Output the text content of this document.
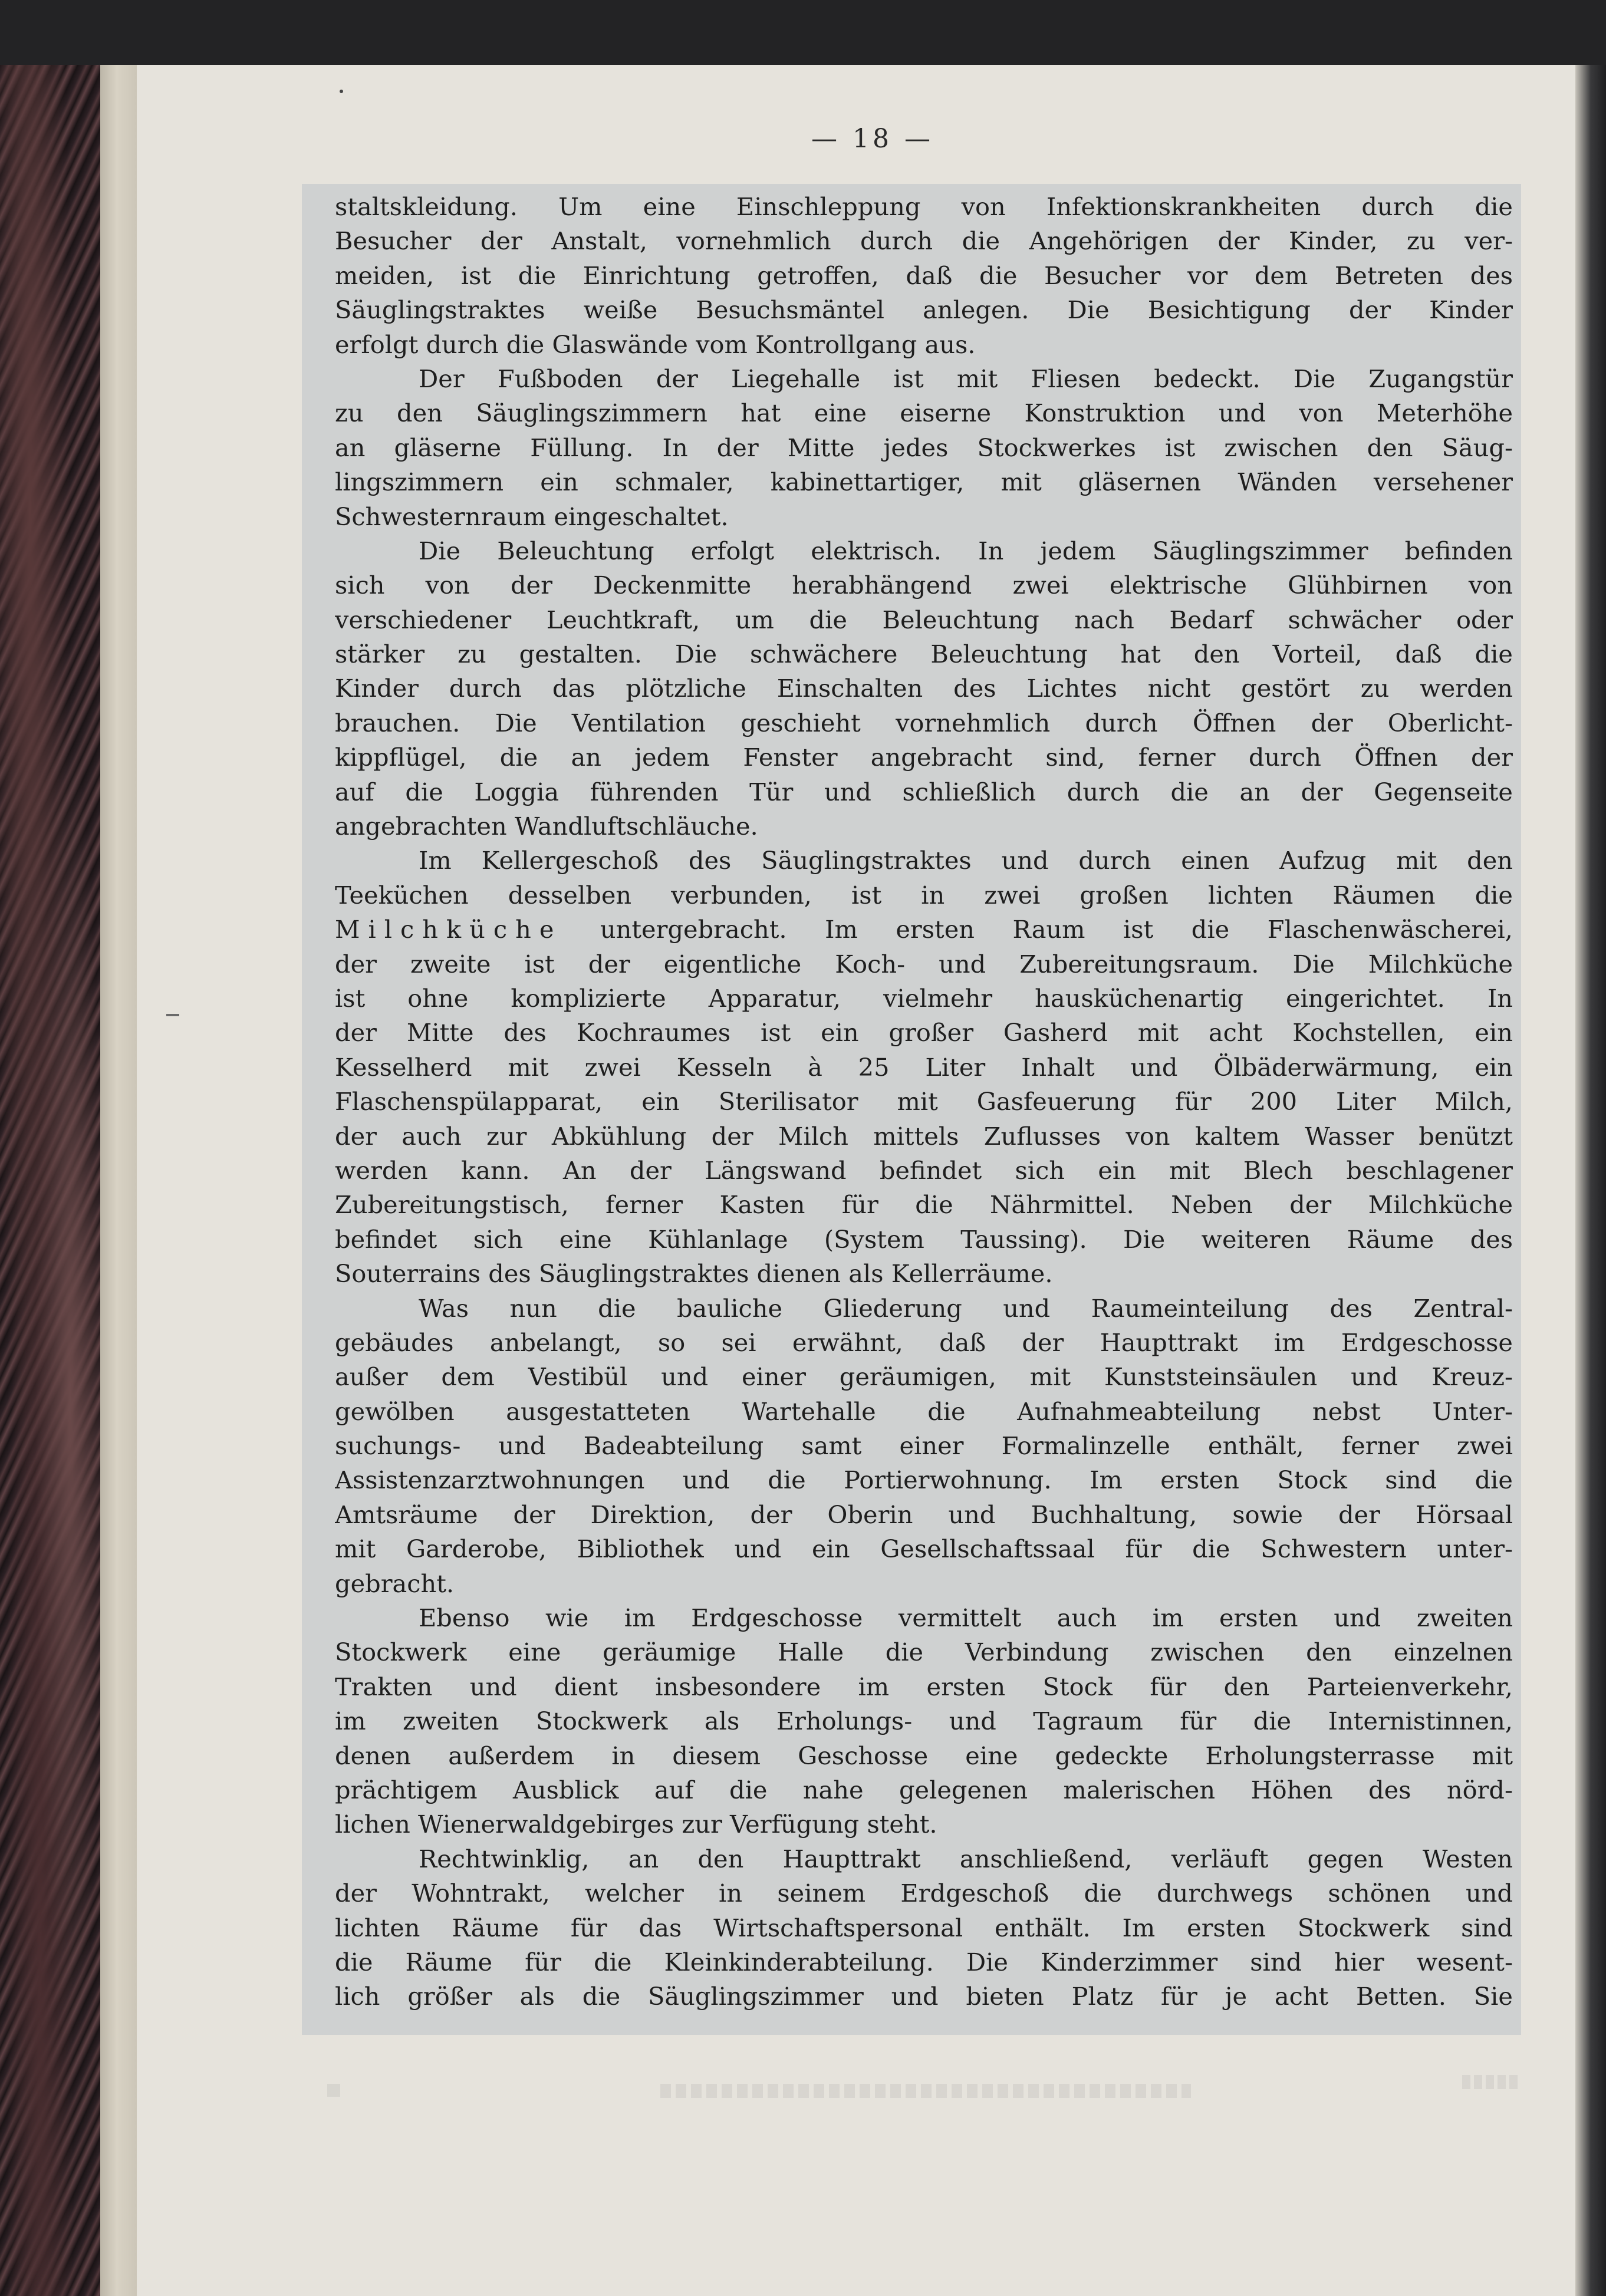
— 18 —
staltskleidung. Um eine Einschleppung von Infektionskrankheiten durch die
Besucher der Anstalt, vornehmlich durch die Angehörigen der Kinder, zu ver-
meiden, ist die Einrichtung getroffen, daß die Besucher vor dem Betreten des
Säuglingstraktes weiße Besuchsmäntel anlegen. Die Besichtigung der Kinder
erfolgt durch die Glaswände vom Kontrollgang aus.
Der Fußboden der Liegehalle ist mit Fliesen bedeckt. Die Zugangstür
zu den Säuglingszimmern hat eine eiserne Konstruktion und von Meterhöhe
an gläserne Füllung. In der Mitte jedes Stockwerkes ist zwischen den Säug-
lingszimmern ein schmaler, kabinettartiger, mit gläsernen Wänden versehener
Schwesternraum eingeschaltet.
Die Beleuchtung erfolgt elektrisch. In jedem Säuglingszimmer befinden
sich von der Deckenmitte herabhängend zwei elektrische Glühbirnen von
verschiedener Leuchtkraft, um die Beleuchtung nach Bedarf schwächer oder
stärker zu gestalten. Die schwächere Beleuchtung hat den Vorteil, daß die
Kinder durch das plötzliche Einschalten des Lichtes nicht gestört zu werden
brauchen. Die Ventilation geschieht vornehmlich durch Öffnen der Oberlicht-
kippflügel, die an jedem Fenster angebracht sind, ferner durch Öffnen der
auf die Loggia führenden Tür und schließlich durch die an der Gegenseite
angebrachten Wandluftschläuche.
Im Kellergeschoß des Säuglingstraktes und durch einen Aufzug mit den
Teeküchen desselben verbunden, ist in zwei großen lichten Räumen die
Milchküche untergebracht. Im ersten Raum ist die Flaschenwäscherei,
der zweite ist der eigentliche Koch- und Zubereitungsraum. Die Milchküche
ist ohne komplizierte Apparatur, vielmehr hausküchenartig eingerichtet. In
der Mitte des Kochraumes ist ein großer Gasherd mit acht Kochstellen, ein
Kesselherd mit zwei Kesseln à 25 Liter Inhalt und Ölbäderwärmung, ein
Flaschenspülapparat, ein Sterilisator mit Gasfeuerung für 200 Liter Milch,
der auch zur Abkühlung der Milch mittels Zuflusses von kaltem Wasser benützt
werden kann. An der Längswand befindet sich ein mit Blech beschlagener
Zubereitungstisch, ferner Kasten für die Nährmittel. Neben der Milchküche
befindet sich eine Kühlanlage (System Taussing). Die weiteren Räume des
Souterrains des Säuglingstraktes dienen als Kellerräume.
Was nun die bauliche Gliederung und Raumeinteilung des Zentral-
gebäudes anbelangt, so sei erwähnt, daß der Haupttrakt im Erdgeschosse
außer dem Vestibül und einer geräumigen, mit Kunststeinsäulen und Kreuz-
gewölben ausgestatteten Wartehalle die Aufnahmeabteilung nebst Unter-
suchungs- und Badeabteilung samt einer Formalinzelle enthält, ferner zwei
Assistenzarztwohnungen und die Portierwohnung. Im ersten Stock sind die
Amtsräume der Direktion, der Oberin und Buchhaltung, sowie der Hörsaal
mit Garderobe, Bibliothek und ein Gesellschaftssaal für die Schwestern unter-
gebracht.
Ebenso wie im Erdgeschosse vermittelt auch im ersten und zweiten
Stockwerk eine geräumige Halle die Verbindung zwischen den einzelnen
Trakten und dient insbesondere im ersten Stock für den Parteienverkehr,
im zweiten Stockwerk als Erholungs- und Tagraum für die Internistinnen,
denen außerdem in diesem Geschosse eine gedeckte Erholungsterrasse mit
prächtigem Ausblick auf die nahe gelegenen malerischen Höhen des nörd-
lichen Wienerwaldgebirges zur Verfügung steht.
Rechtwinklig, an den Haupttrakt anschließend, verläuft gegen Westen
der Wohntrakt, welcher in seinem Erdgeschoß die durchwegs schönen und
lichten Räume für das Wirtschaftspersonal enthält. Im ersten Stockwerk sind
die Räume für die Kleinkinderabteilung. Die Kinderzimmer sind hier wesent-
lich größer als die Säuglingszimmer und bieten Platz für je acht Betten. Sie
